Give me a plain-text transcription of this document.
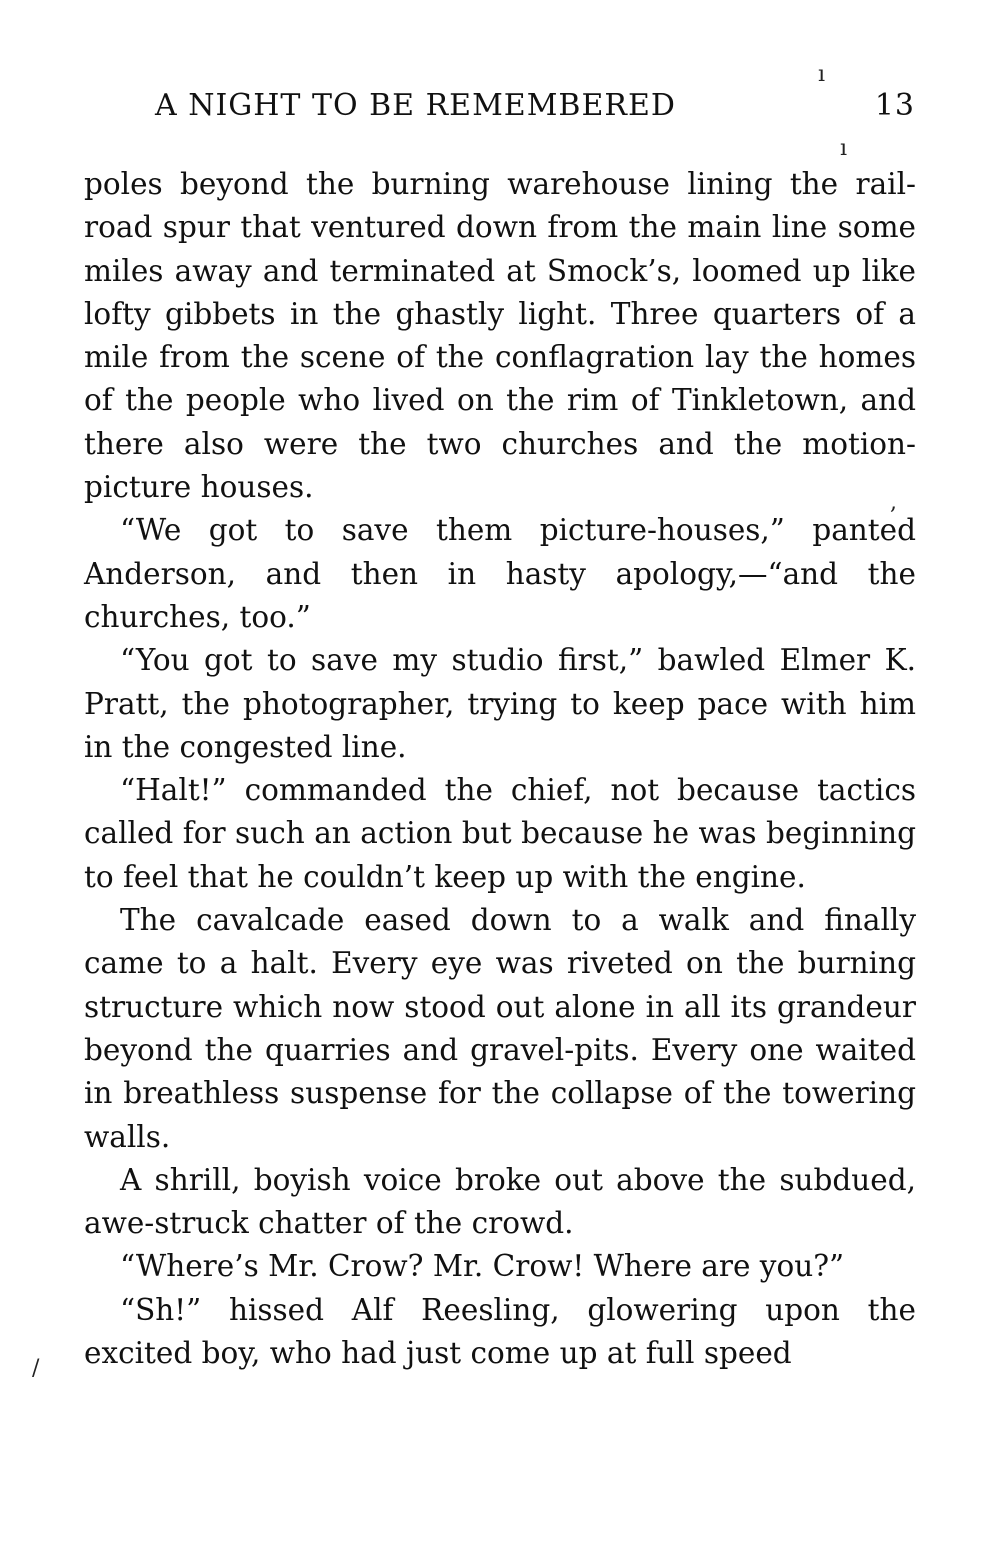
A NIGHT TO BE REMEMBERED	13

poles beyond the burning warehouse lining the railroad spur that ventured down from the main line some miles away and terminated at Smock’s, loomed up like lofty gibbets in the ghastly light. Three quarters of a mile from the scene of the conflagration lay the homes of the people who lived on the rim of Tinkletown, and there also were the two churches and the motion-picture houses.

“We got to save them picture-houses,” panted Anderson, and then in hasty apology,—“and the churches, too.”

“You got to save my studio first,” bawled Elmer K. Pratt, the photographer, trying to keep pace with him in the congested line.

“Halt!” commanded the chief, not because tactics called for such an action but because he was beginning to feel that he couldn’t keep up with the engine.

The cavalcade eased down to a walk and finally came to a halt. Every eye was riveted on the burning structure which now stood out alone in all its grandeur beyond the quarries and gravel-pits. Every one waited in breathless suspense for the collapse of the towering walls.

A shrill, boyish voice broke out above the subdued, awe-struck chatter of the crowd.

“Where’s Mr. Crow? Mr. Crow! Where are you?”

“Sh!” hissed Alf Reesling, glowering upon the excited boy, who had just come up at full speed

ı
ı
,
/
